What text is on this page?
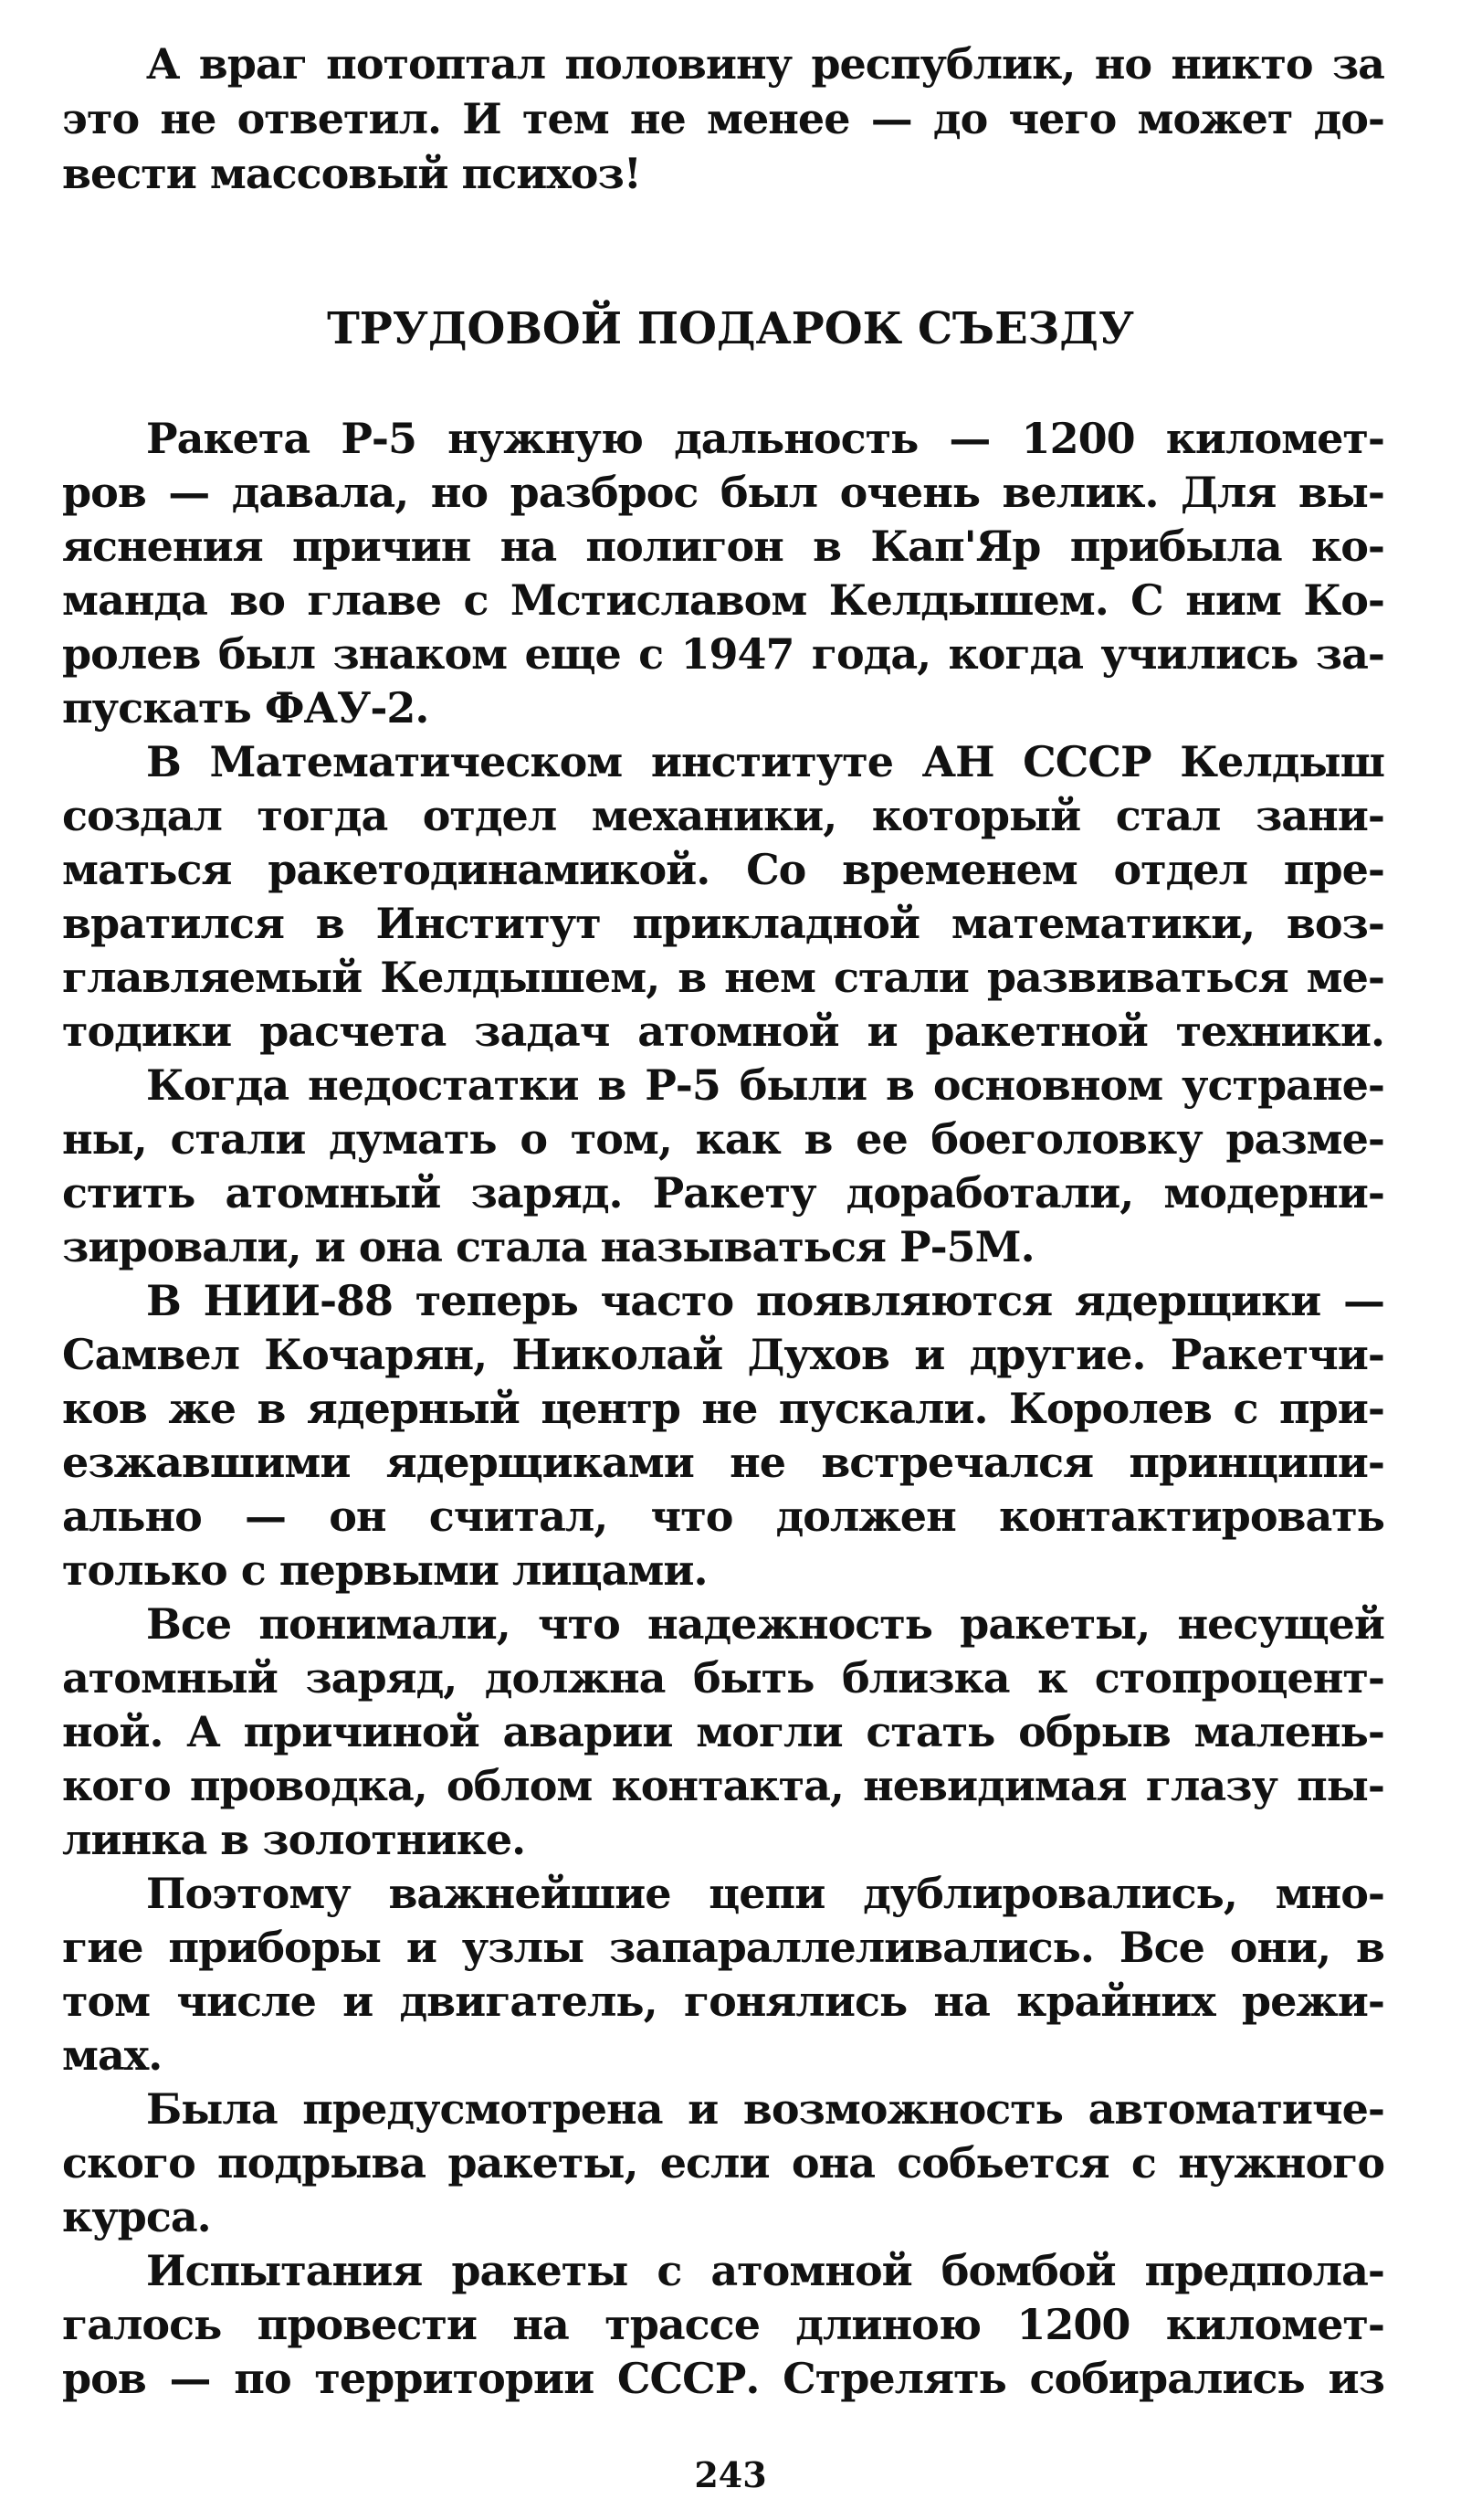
А враг потоптал половину республик, но никто за
это не ответил. И тем не менее — до чего может до-
вести массовый психоз!
ТРУДОВОЙ ПОДАРОК СЪЕЗДУ
Ракета Р-5 нужную дальность — 1200 километ-
ров — давала, но разброс был очень велик. Для вы-
яснения причин на полигон в Кап'Яр прибыла ко-
манда во главе с Мстиславом Келдышем. С ним Ко-
ролев был знаком еще с 1947 года, когда учились за-
пускать ФАУ-2.
В Математическом институте АН СССР Келдыш
создал тогда отдел механики, который стал зани-
маться ракетодинамикой. Со временем отдел пре-
вратился в Институт прикладной математики, воз-
главляемый Келдышем, в нем стали развиваться ме-
тодики расчета задач атомной и ракетной техники.
Когда недостатки в Р-5 были в основном устране-
ны, стали думать о том, как в ее боеголовку разме-
стить атомный заряд. Ракету доработали, модерни-
зировали, и она стала называться Р-5М.
В НИИ-88 теперь часто появляются ядерщики —
Самвел Кочарян, Николай Духов и другие. Ракетчи-
ков же в ядерный центр не пускали. Королев с при-
езжавшими ядерщиками не встречался принципи-
ально — он считал, что должен контактировать
только с первыми лицами.
Все понимали, что надежность ракеты, несущей
атомный заряд, должна быть близка к стопроцент-
ной. А причиной аварии могли стать обрыв малень-
кого проводка, облом контакта, невидимая глазу пы-
линка в золотнике.
Поэтому важнейшие цепи дублировались, мно-
гие приборы и узлы запараллеливались. Все они, в
том числе и двигатель, гонялись на крайних режи-
мах.
Была предусмотрена и возможность автоматиче-
ского подрыва ракеты, если она собьется с нужного
курса.
Испытания ракеты с атомной бомбой предпола-
галось провести на трассе длиною 1200 километ-
ров — по территории СССР. Стрелять собирались из
243
